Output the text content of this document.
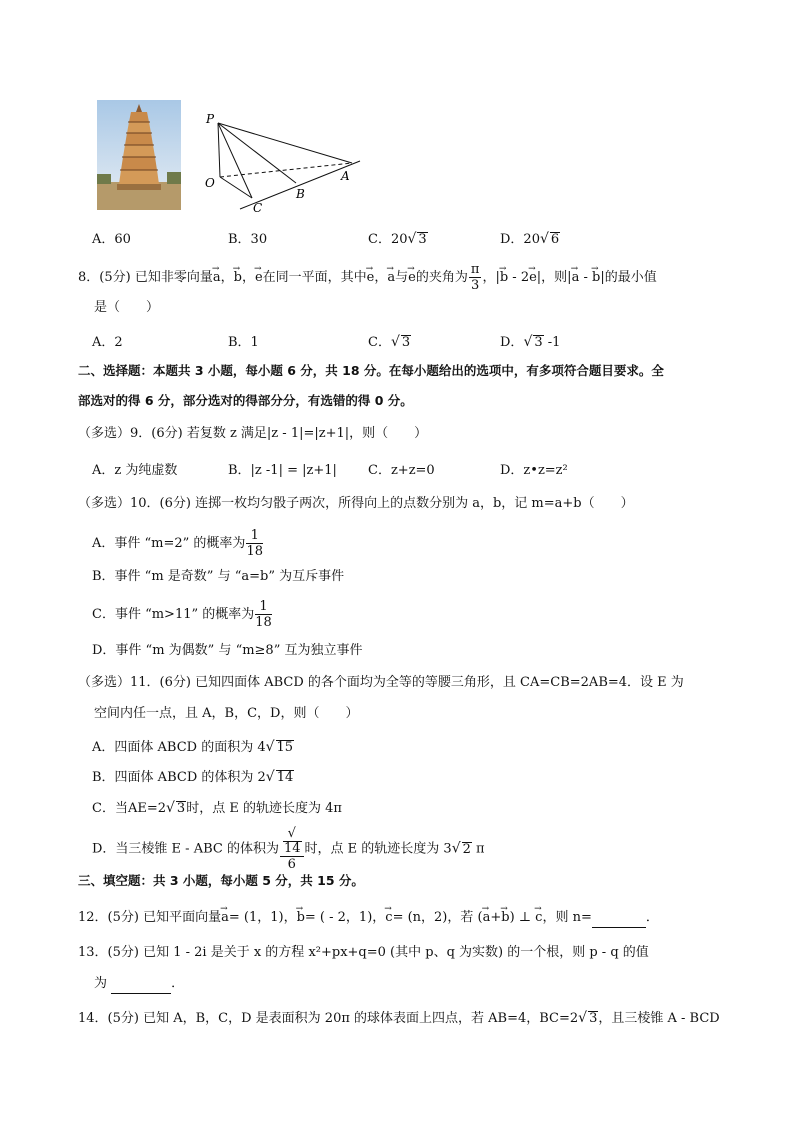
P
O	A
B
C
A．60	B．30	C．20√ 3	D．20√ 6
8．(5分) 已知非零向量→ a，→ b，→ e在同一平面，其中→ e，→ a与→ e的夹角为 $\frac{\pi}{3}$ ，|→ b - 2→ e|，则|→ a - → b|的最小值
是（　　）
A．2	B．1	C．√ 3	D．√ 3 -1
二、选择题：本题共 3 小题，每小题 6 分，共 18 分。在每小题给出的选项中，有多项符合题目要求。全
部选对的得 6 分，部分选对的得部分分，有选错的得 0 分。
（多选）9．(6分) 若复数 z 满足|z - 1|=|z+1|，则（　　）
A．z 为纯虚数	B．|z -1| = |z+1| C．z+z=0	D．z•z=z²
（多选）10．(6分) 连掷一枚均匀骰子两次，所得向上的点数分别为 a，b，记 m=a+b（　　）
A．事件 “m=2” 的概率为 $\frac{1}{18}$
B．事件 “m 是奇数” 与 “a=b” 为互斥事件
C．事件 “m>11” 的概率为 $\frac{1}{18}$
D．事件 “m 为偶数” 与 “m≥8” 互为独立事件
（多选）11．(6分) 已知四面体 ABCD 的各个面均为全等的等腰三角形，且 CA=CB=2AB=4．设 E 为
空间内任一点，且 A，B，C，D，则（　　）
A．四面体 ABCD 的面积为 4√ 15
B．四面体 ABCD 的体积为 2√ 14
C．当AE=2√ 3时，点 E 的轨迹长度为 4π
D．当三棱锥 E - ABC 的体积为 √
14
6 时，点 E 的轨迹长度为 3√ 2 π
三、填空题：共 3 小题，每小题 5 分，共 15 分。
12．(5分) 已知平面向量→ a= (1，1)，→ b= ( - 2，1)，→ c= (n，2)，若 (→ a+→ b) ⊥ → c，则 n=	．
13．(5分) 已知 1 - 2i 是关于 x 的方程 x²+px+q=0 (其中 p、q 为实数) 的一个根，则 p - q 的值
为	．
14．(5分) 已知 A，B，C，D 是表面积为 20π 的球体表面上四点，若 AB=4，BC=2√ 3，且三棱锥 A - BCD
